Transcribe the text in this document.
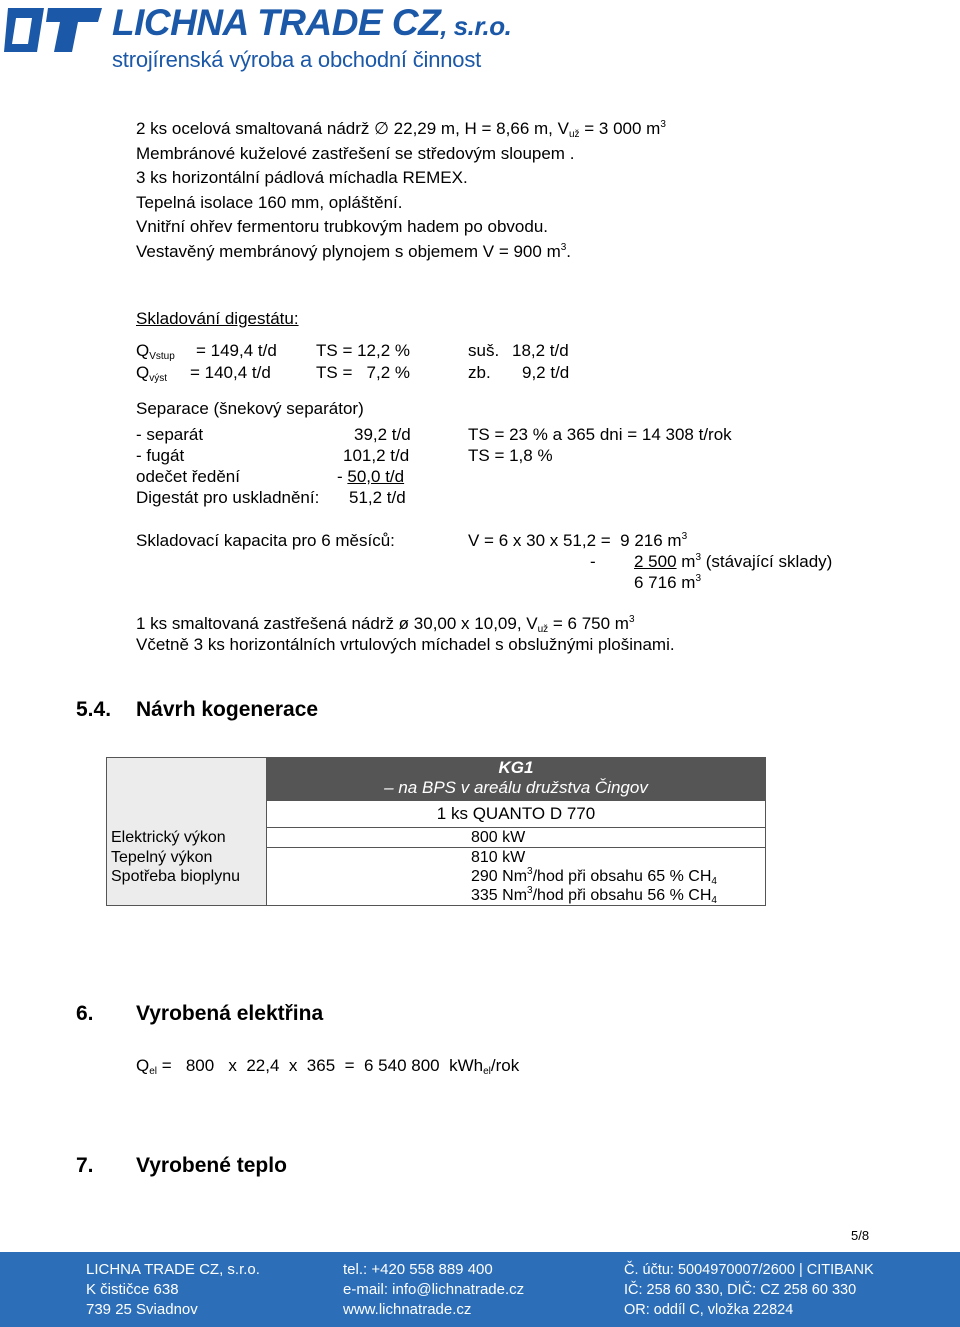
LICHNA TRADE CZ, s.r.o.
strojírenská výroba a obchodní činnost
2 ks ocelová smaltovaná nádrž ∅ 22,29 m, H = 8,66 m, $V_{už} = 3$ 000 $m^3$
Membránové kuželové zastřešení se středovým sloupem .
3 ks horizontální pádlová míchadla REMEX.
Tepelná isolace 160 mm, opláštění.
Vnitřní ohřev fermentoru trubkovým hadem po obvodu.
Vestavěný membránový plynojem s objemem V = 900 $m^3$.
Skladování digestátu:
$Q_{Vstup} = 149,4$ t/d TS = 12,2 %	suš. 18,2 t/d
$Q_{výst} = 140,4$ t/d	TS =   7,2 %	zb. 9,2 t/d
Separace (šnekový separátor)
- separát	39,2 t/d	TS = 23 % a 365 dni = 14 308 t/rok
- fugát	101,2 t/d	TS = 1,8 %
odečet ředění	- 50,0 t/d
Digestát pro uskladnění: 51,2 t/d
Skladovací kapacita pro 6 měsíců:	V = 6 x 30 x 51,2 =  9 216 $m^3$
- 2 500 $m^3$ (stávající sklady)
6 716 $m^3$
1 ks smaltovaná zastřešená nádrž ø 30,00 x 10,09, $V_{už} = 6$ 750 $m^3$
Včetně 3 ks horizontálních vrtulových míchadel s obslužnými plošinami.
5.4. Návrh kogenerace
	KG1
	– na BPS v areálu družstva Čingov
	1 ks QUANTO D 770
Elektrický výkon	800 kW
Tepelný výkon	810 kW
Spotřeba bioplynu	290 Nm$^3$/hod při obsahu 65 % $CH_4$
	335 Nm$^3$/hod při obsahu 56 % $CH_4$
6. Vyrobená elektřina
$Q_{el} = 800$   x  22,4  x  365  =  6 540 800  kWh$_{el}$/rok
7. Vyrobené teplo
5/8
LICHNA TRADE CZ, s.r.o.
K čističce 638
739 25 Sviadnov
tel.: +420 558 889 400
e-mail: info@lichnatrade.cz
www.lichnatrade.cz
Č. účtu: 5004970007/2600 | CITIBANK
IČ: 258 60 330, DIČ: CZ 258 60 330
OR: oddíl C, vložka 22824
